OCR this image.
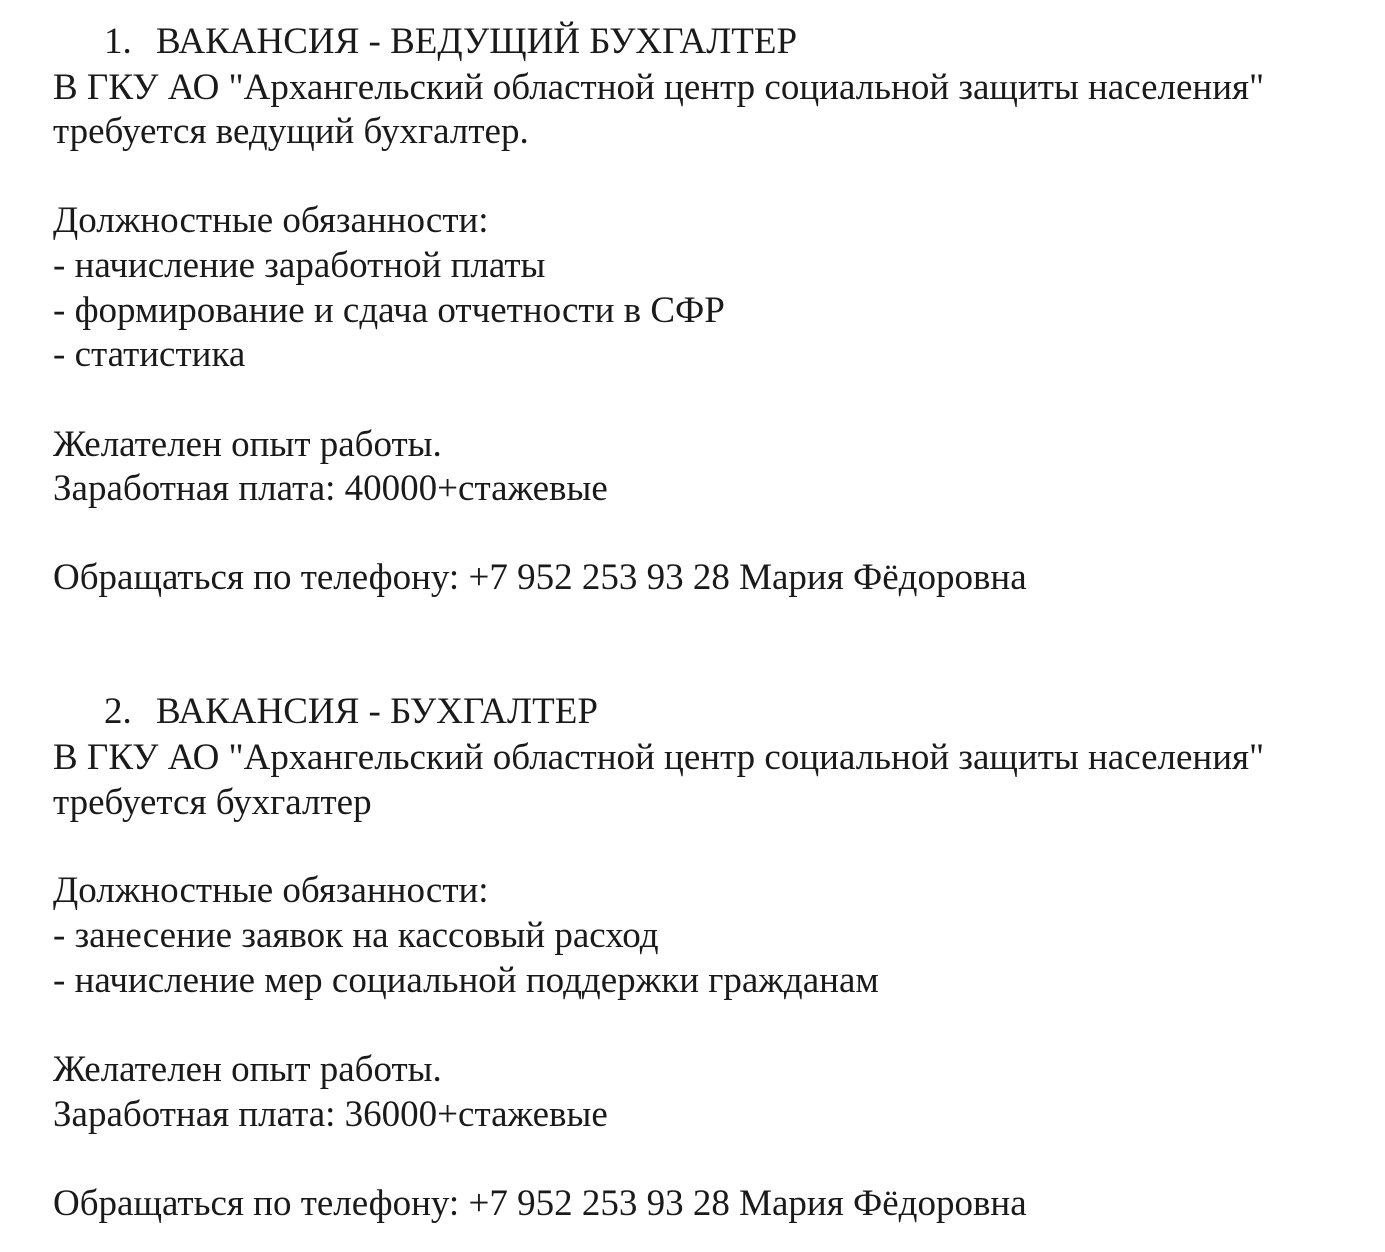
1. ВАКАНСИЯ - ВЕДУЩИЙ БУХГАЛТЕР

В ГКУ АО "Архангельский областной центр социальной защиты населения"

требуется ведущий бухгалтер.

Должностные обязанности:

- начисление заработной платы

- формирование и сдача отчетности в СФР

- статистика

Желателен опыт работы.

Заработная плата: 40000+стажевые

Обращаться по телефону: +7 952 253 93 28 Мария Фёдоровна

2. ВАКАНСИЯ - БУХГАЛТЕР

В ГКУ АО "Архангельский областной центр социальной защиты населения"

требуется бухгалтер

Должностные обязанности:

- занесение заявок на кассовый расход

- начисление мер социальной поддержки гражданам

Желателен опыт работы.

Заработная плата: 36000+стажевые

Обращаться по телефону: +7 952 253 93 28 Мария Фёдоровна
